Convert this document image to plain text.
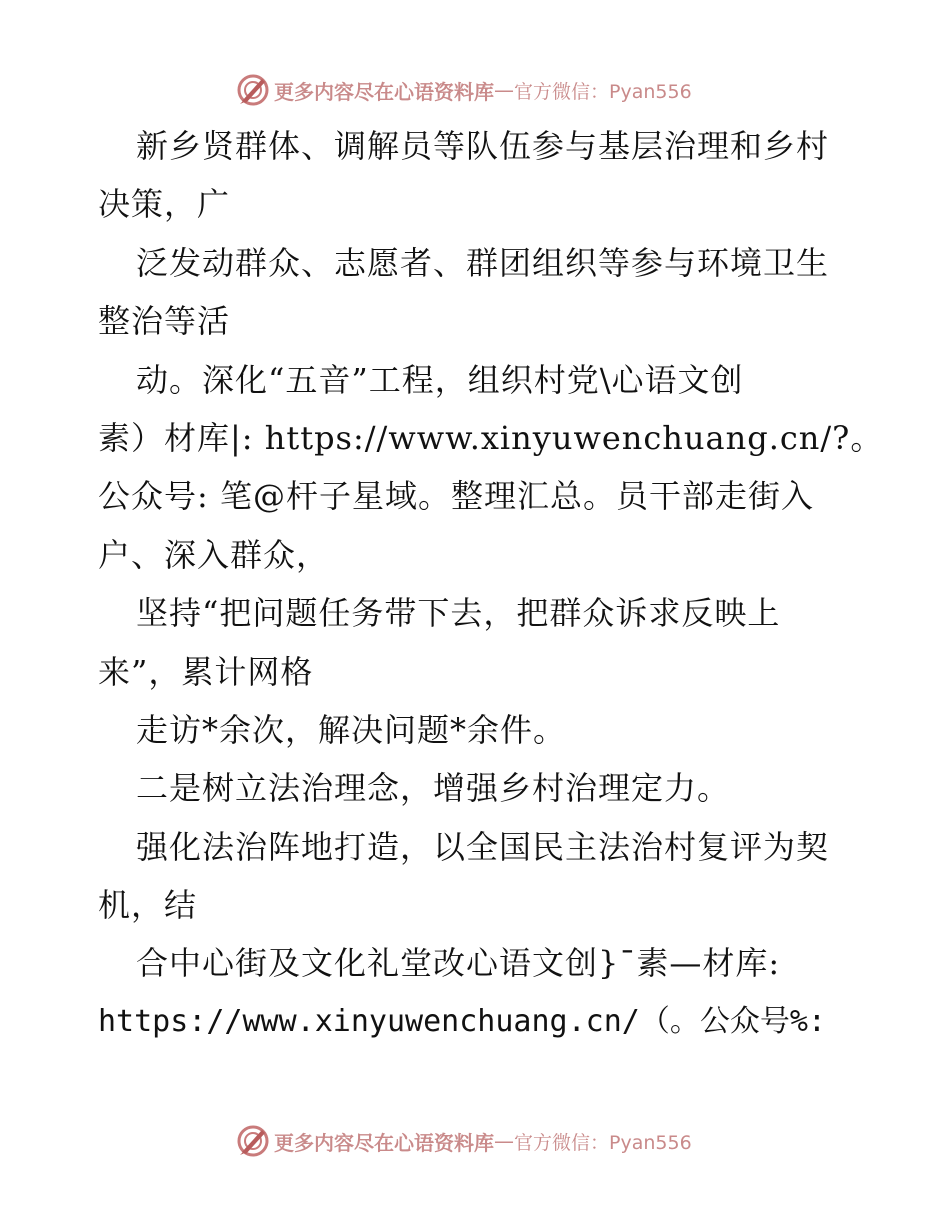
更多内容尽在心语资料库 — 官方微信：Pyan556
新乡贤群体、调解员等队伍参与基层治理和乡村
决策，广
泛发动群众、志愿者、群团组织等参与环境卫生
整治等活
动。深化“五音”工程，组织村党\心语文创
素）材库|: https://www.xinyuwenchuang.cn/?。
公众号: 笔@杆子星域。整理汇总。员干部走街入
户、深入群众，
坚持“把问题任务带下去，把群众诉求反映上
来”，累计网格
走访*余次，解决问题*余件。
二是树立法治理念，增强乡村治理定力。
强化法治阵地打造，以全国民主法治村复评为契
机，结
合中心街及文化礼堂改心语文创}¯素—材库:
https://www.xinyuwenchuang.cn/（。公众号%:
更多内容尽在心语资料库 — 官方微信：Pyan556
